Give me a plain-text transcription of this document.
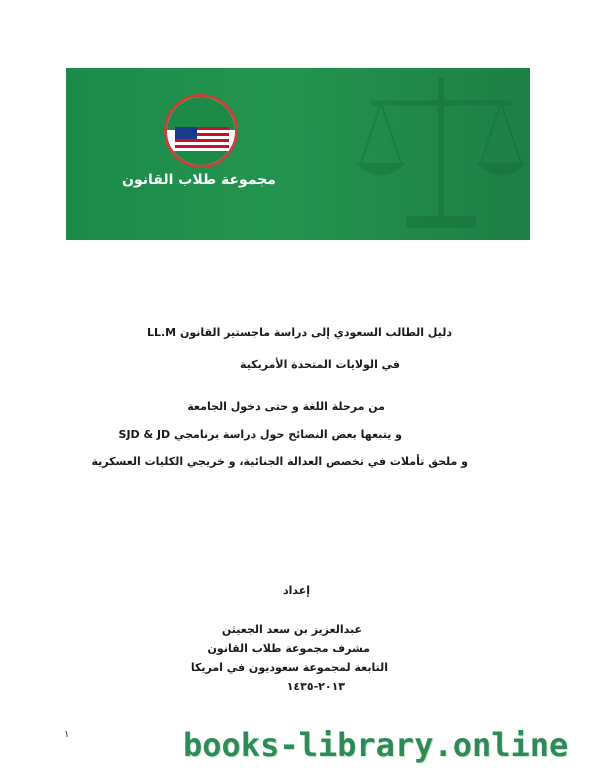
مجموعة طلاب القانون
دليل الطالب السعودي إلى دراسة ماجستير القانون LL.M
في الولايات المتحدة الأمريكية
من مرحلة اللغة و حتى دخول الجامعة
و يتبعها بعض النصائح حول دراسة برنامجي SJD & JD
و ملحق تأملات في تخصص العدالة الجنائية، و خريجي الكليات العسكرية
إعداد
عبدالعزيز بن سعد الجعيثن
مشرف مجموعة طلاب القانون
التابعة لمجموعة سعوديون في امريكا
٢٠١٣-١٤٣٥
١	books-library.online
